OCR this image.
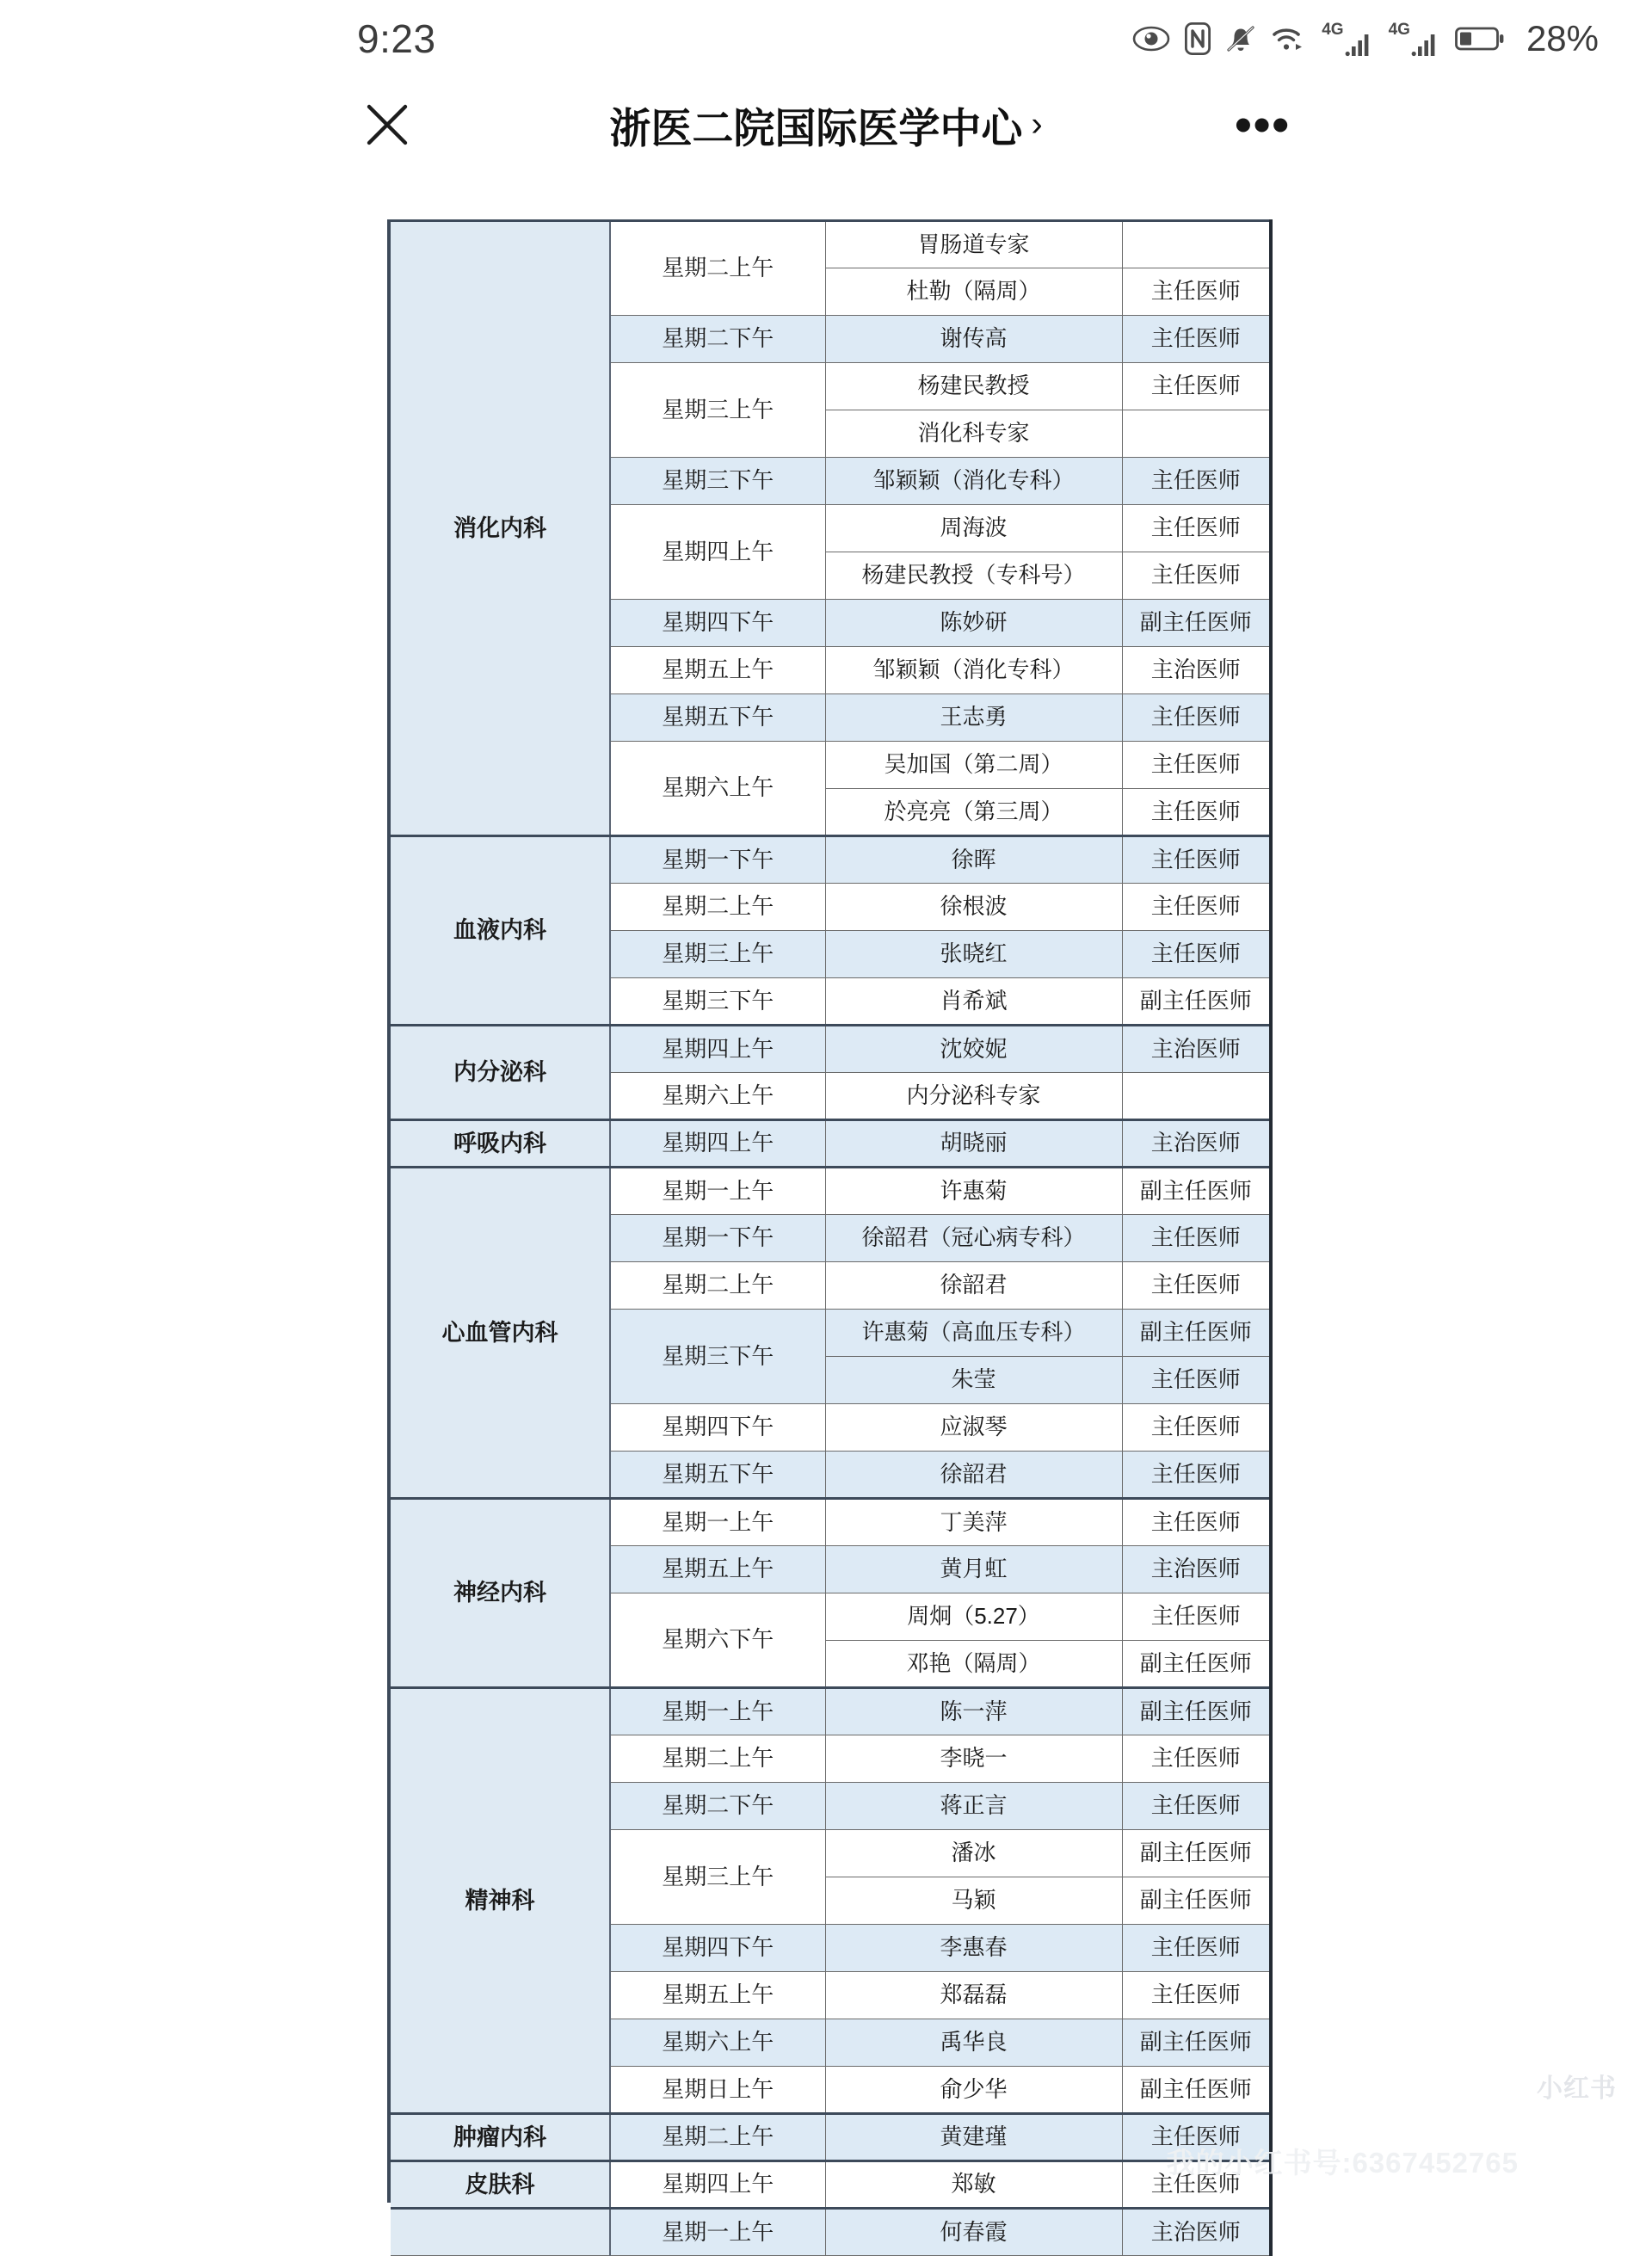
9:23	4G	4G	28%
浙医二院国际医学中心 ›	•••
消化内科	星期二上午	胃肠道专家	
		杜勒（隔周）	主任医师
	星期二下午	谢传高	主任医师
	星期三上午	杨建民教授	主任医师
		消化科专家	
	星期三下午	邹颖颖（消化专科）	主任医师
	星期四上午	周海波	主任医师
		杨建民教授（专科号）	主任医师
	星期四下午	陈妙研	副主任医师
	星期五上午	邹颖颖（消化专科）	主治医师
	星期五下午	王志勇	主任医师
	星期六上午	吴加国（第二周）	主任医师
		於亮亮（第三周）	主任医师
血液内科	星期一下午	徐晖	主任医师
	星期二上午	徐根波	主任医师
	星期三上午	张晓红	主任医师
	星期三下午	肖希斌	副主任医师
内分泌科	星期四上午	沈姣妮	主治医师
	星期六上午	内分泌科专家	
呼吸内科	星期四上午	胡晓丽	主治医师
心血管内科	星期一上午	许惠菊	副主任医师
	星期一下午	徐韶君（冠心病专科）	主任医师
	星期二上午	徐韶君	主任医师
	星期三下午	许惠菊（高血压专科）	副主任医师
		朱莹	主任医师
	星期四下午	应淑琴	主任医师
	星期五下午	徐韶君	主任医师
神经内科	星期一上午	丁美萍	主任医师
	星期五上午	黄月虹	主治医师
	星期六下午	周炯（5.27）	主任医师
		邓艳（隔周）	副主任医师
精神科	星期一上午	陈一萍	副主任医师
	星期二上午	李晓一	主任医师
	星期二下午	蒋正言	主任医师
	星期三上午	潘冰	副主任医师
		马颖	副主任医师
	星期四下午	李惠春	主任医师
	星期五上午	郑磊磊	主任医师
	星期六上午	禹华良	副主任医师
	星期日上午	俞少华	副主任医师
肿瘤内科	星期二上午	黄建瑾	主任医师
皮肤科	星期四上午	郑敏	主任医师
	星期一上午	何春霞	主治医师
小红书
我的小红书号:6367452765
